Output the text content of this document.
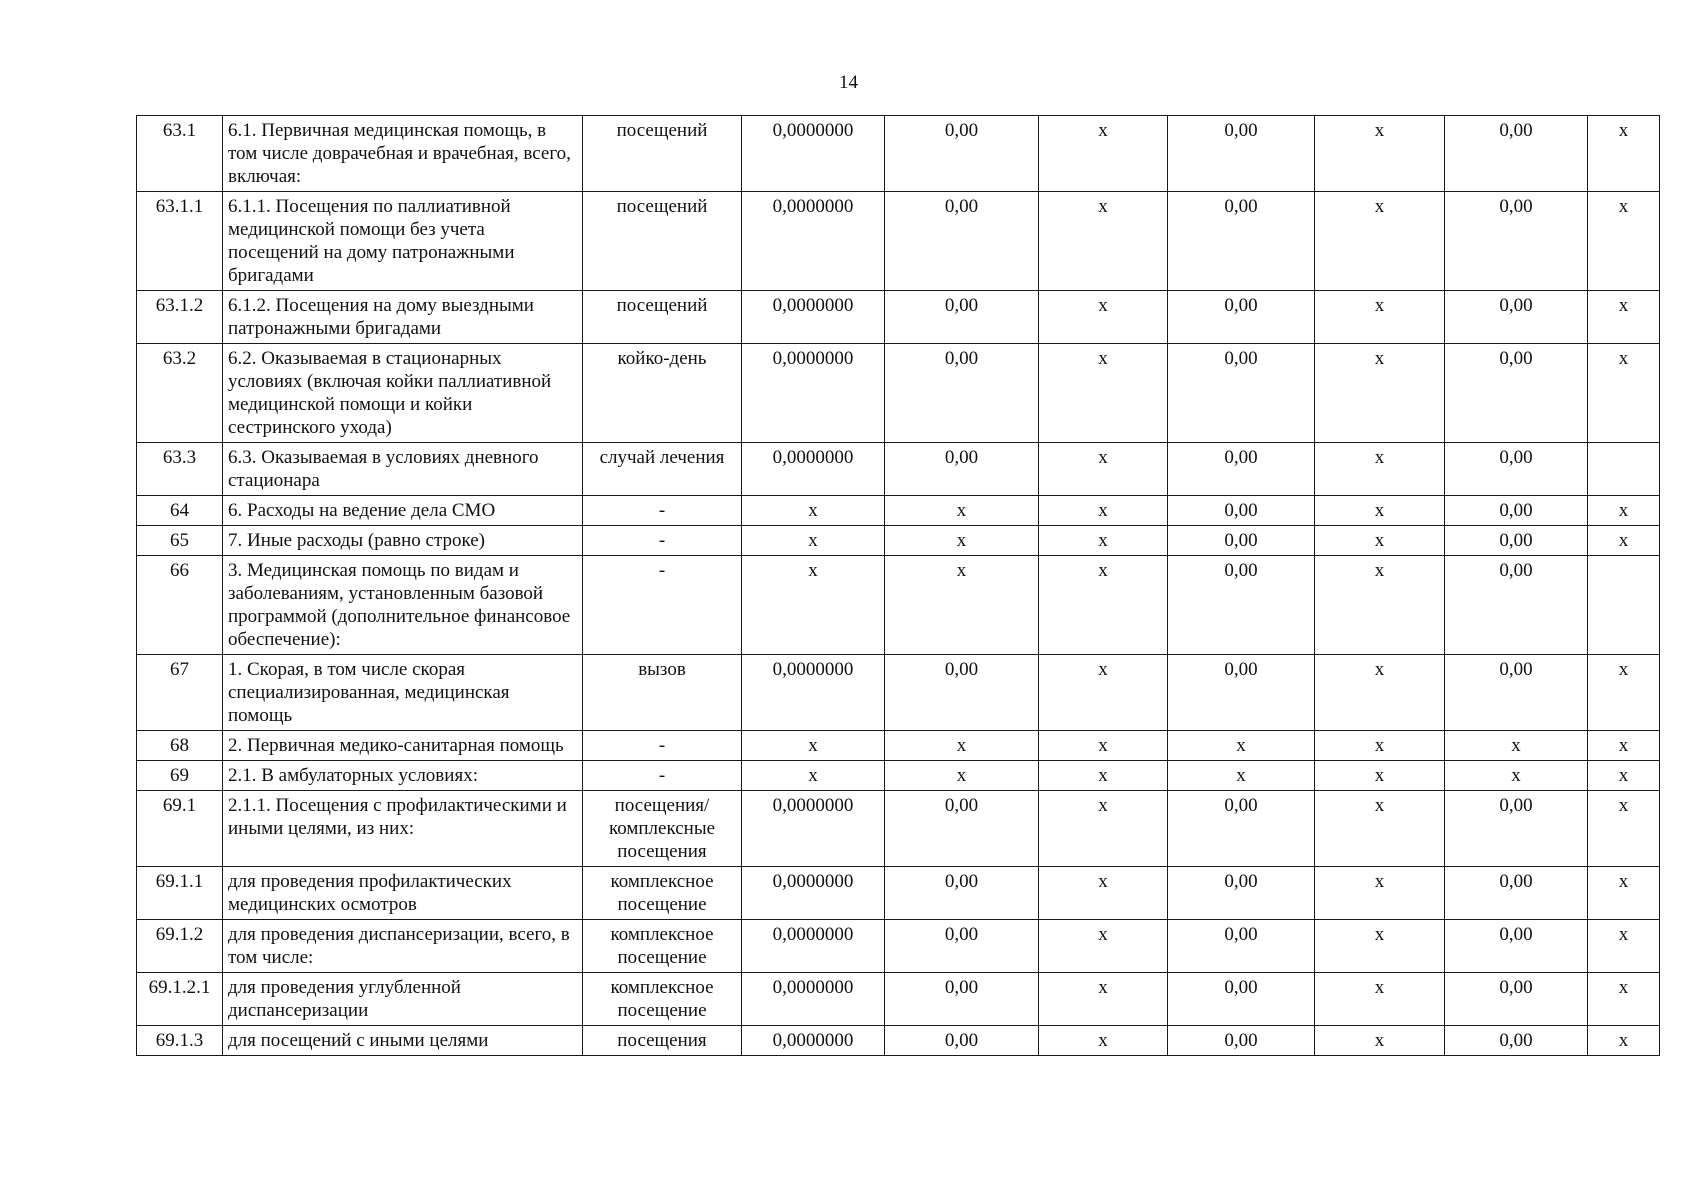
14
63.1	6.1. Первичная медицинская помощь, в том числе доврачебная и врачебная, всего, включая:	посещений	0,0000000	0,00	x	0,00	x	0,00	x
63.1.1	6.1.1. Посещения по паллиативной медицинской помощи без учета посещений на дому патронажными бригадами	посещений	0,0000000	0,00	x	0,00	x	0,00	x
63.1.2	6.1.2. Посещения на дому выездными патронажными бригадами	посещений	0,0000000	0,00	x	0,00	x	0,00	x
63.2	6.2. Оказываемая в стационарных условиях (включая койки паллиативной медицинской помощи и койки сестринского ухода)	койко-день	0,0000000	0,00	x	0,00	x	0,00	x
63.3	6.3. Оказываемая в условиях дневного стационара	случай лечения	0,0000000	0,00	x	0,00	x	0,00	
64	6. Расходы на ведение дела СМО	-	x	x	x	0,00	x	0,00	x
65	7. Иные расходы (равно строке)	-	x	x	x	0,00	x	0,00	x
66	3. Медицинская помощь по видам и заболеваниям, установленным базовой программой (дополнительное финансовое обеспечение):	-	x	x	x	0,00	x	0,00	
67	1. Скорая, в том числе скорая специализированная, медицинская помощь	вызов	0,0000000	0,00	x	0,00	x	0,00	x
68	2. Первичная медико-санитарная помощь	-	x	x	x	x	x	x	x
69	2.1. В амбулаторных условиях:	-	x	x	x	x	x	x	x
69.1	2.1.1. Посещения с профилактическими и иными целями, из них:	посещения/комплексные посещения	0,0000000	0,00	x	0,00	x	0,00	x
69.1.1	для проведения профилактических медицинских осмотров	комплексное посещение	0,0000000	0,00	x	0,00	x	0,00	x
69.1.2	для проведения диспансеризации, всего, в том числе:	комплексное посещение	0,0000000	0,00	x	0,00	x	0,00	x
69.1.2.1	для проведения углубленной диспансеризации	комплексное посещение	0,0000000	0,00	x	0,00	x	0,00	x
69.1.3	для посещений с иными целями	посещения	0,0000000	0,00	x	0,00	x	0,00	x
